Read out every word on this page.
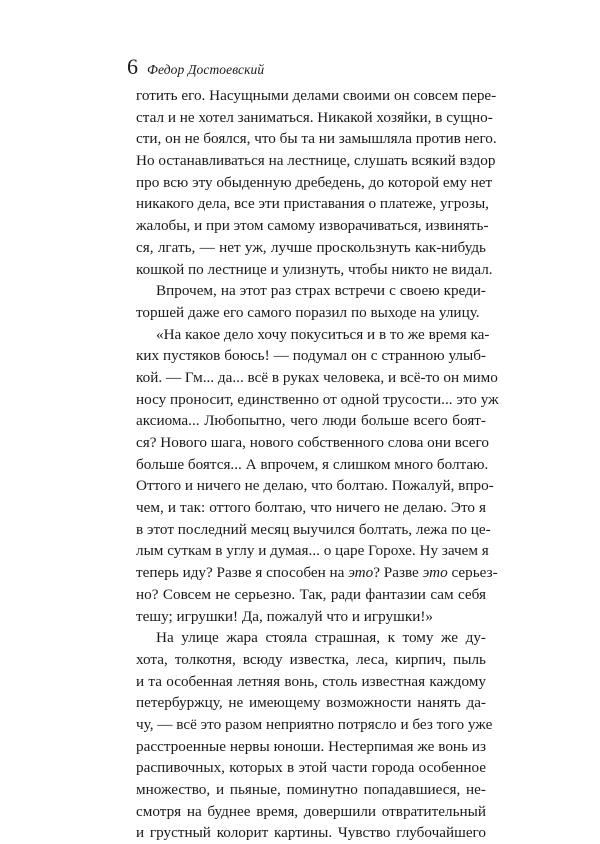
6 Федор Достоевский
готить его. Насущными делами своими он совсем пере-
стал и не хотел заниматься. Никакой хозяйки, в сущно-
сти, он не боялся, что бы та ни замышляла против него.
Но останавливаться на лестнице, слушать всякий вздор
про всю эту обыденную дребедень, до которой ему нет
никакого дела, все эти приставания о платеже, угрозы,
жалобы, и при этом самому изворачиваться, извинять-
ся, лгать, — нет уж, лучше проскользнуть как-нибудь
кошкой по лестнице и улизнуть, чтобы никто не видал.
Впрочем, на этот раз страх встречи с своею креди-
торшей даже его самого поразил по выходе на улицу.
«На какое дело хочу покуситься и в то же время ка-
ких пустяков боюсь! — подумал он с странною улыб-
кой. — Гм... да... всё в руках человека, и всё-то он мимо
носу проносит, единственно от одной трусости... это уж
аксиома... Любопытно, чего люди больше всего боят-
ся? Нового шага, нового собственного слова они всего
больше боятся... А впрочем, я слишком много болтаю.
Оттого и ничего не делаю, что болтаю. Пожалуй, впро-
чем, и так: оттого болтаю, что ничего не делаю. Это я
в этот последний месяц выучился болтать, лежа по це-
лым суткам в углу и думая... о царе Горохе. Ну зачем я
теперь иду? Разве я способен на это? Разве это серьез-
но? Совсем не серьезно. Так, ради фантазии сам себя
тешу; игрушки! Да, пожалуй что и игрушки!»
На улице жара стояла страшная, к тому же ду-
хота, толкотня, всюду известка, леса, кирпич, пыль
и та особенная летняя вонь, столь известная каждому
петербуржцу, не имеющему возможности нанять да-
чу, — всё это разом неприятно потрясло и без того уже
расстроенные нервы юноши. Нестерпимая же вонь из
распивочных, которых в этой части города особенное
множество, и пьяные, поминутно попадавшиеся, не-
смотря на буднее время, довершили отвратительный
и грустный колорит картины. Чувство глубочайшего
